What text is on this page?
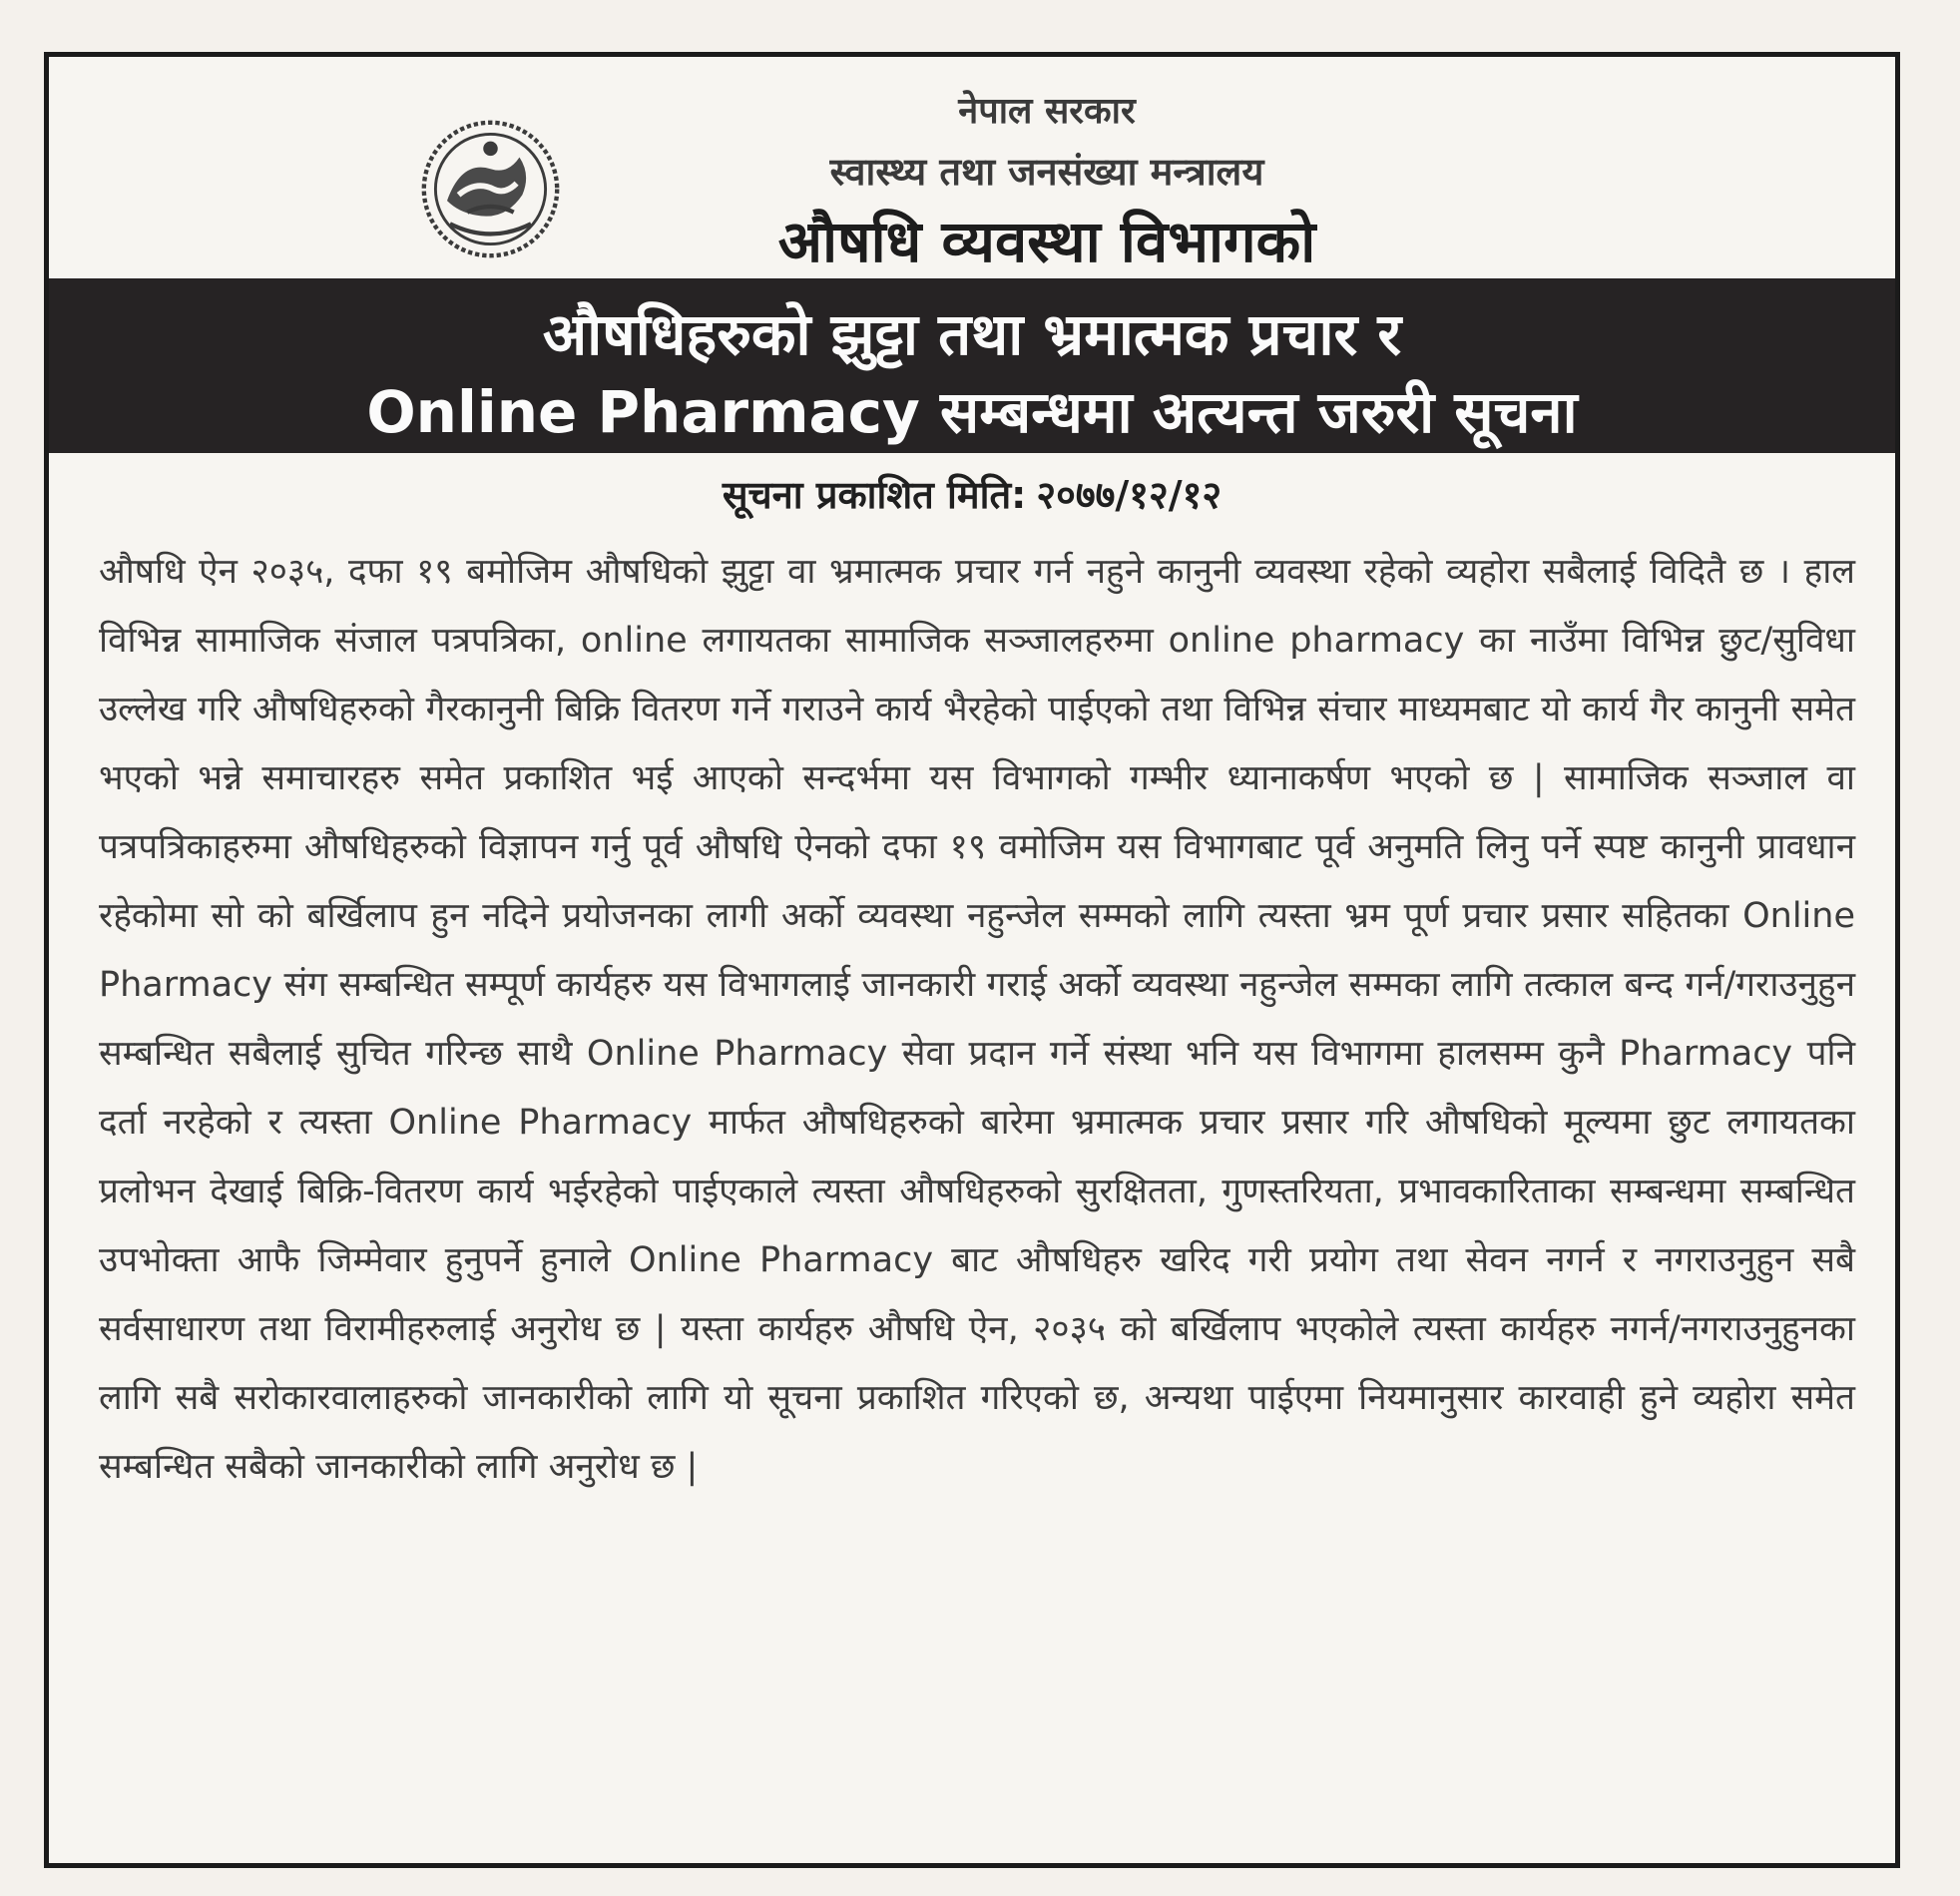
नेपाल सरकार
स्वास्थ्य तथा जनसंख्या मन्त्रालय
औषधि व्यवस्था विभागको
औषधिहरुको झुट्टा तथा भ्रमात्मक प्रचार र
Online Pharmacy सम्बन्धमा अत्यन्त जरुरी सूचना
सूचना प्रकाशित मिति: २०७७/१२/१२

औषधि ऐन २०३५, दफा १९ बमोजिम औषधिको झुट्टा वा भ्रमात्मक प्रचार गर्न नहुने कानुनी व्यवस्था रहेको व्यहोरा सबैलाई विदितै छ । हाल विभिन्न सामाजिक संजाल पत्रपत्रिका, online लगायतका सामाजिक सञ्जालहरुमा online pharmacy का नाउँमा विभिन्न छुट/सुविधा उल्लेख गरि औषधिहरुको गैरकानुनी बिक्रि वितरण गर्ने गराउने कार्य भैरहेको पाईएको तथा विभिन्न संचार माध्यमबाट यो कार्य गैर कानुनी समेत भएको भन्ने समाचारहरु समेत प्रकाशित भई आएको सन्दर्भमा यस विभागको गम्भीर ध्यानाकर्षण भएको छ | सामाजिक सञ्जाल वा पत्रपत्रिकाहरुमा औषधिहरुको विज्ञापन गर्नु पूर्व औषधि ऐनको दफा १९ वमोजिम यस विभागबाट पूर्व अनुमति लिनु पर्ने स्पष्ट कानुनी प्रावधान रहेकोमा सो को बर्खिलाप हुन नदिने प्रयोजनका लागी अर्को व्यवस्था नहुन्जेल सम्मको लागि त्यस्ता भ्रम पूर्ण प्रचार प्रसार सहितका Online Pharmacy संग सम्बन्धित सम्पूर्ण कार्यहरु यस विभागलाई जानकारी गराई अर्को व्यवस्था नहुन्जेल सम्मका लागि तत्काल बन्द गर्न/गराउनुहुन सम्बन्धित सबैलाई सुचित गरिन्छ साथै Online Pharmacy सेवा प्रदान गर्ने संस्था भनि यस विभागमा हालसम्म कुनै Pharmacy पनि दर्ता नरहेको र त्यस्ता Online Pharmacy मार्फत औषधिहरुको बारेमा भ्रमात्मक प्रचार प्रसार गरि औषधिको मूल्यमा छुट लगायतका प्रलोभन देखाई बिक्रि-वितरण कार्य भईरहेको पाईएकाले त्यस्ता औषधिहरुको सुरक्षितता, गुणस्तरियता, प्रभावकारिताका सम्बन्धमा सम्बन्धित उपभोक्ता आफै जिम्मेवार हुनुपर्ने हुनाले Online Pharmacy बाट औषधिहरु खरिद गरी प्रयोग तथा सेवन नगर्न र नगराउनुहुन सबै सर्वसाधारण तथा विरामीहरुलाई अनुरोध छ | यस्ता कार्यहरु औषधि ऐन, २०३५ को बर्खिलाप भएकोले त्यस्ता कार्यहरु नगर्न/नगराउनुहुनका लागि सबै सरोकारवालाहरुको जानकारीको लागि यो सूचना प्रकाशित गरिएको छ, अन्यथा पाईएमा नियमानुसार कारवाही हुने व्यहोरा समेत सम्बन्धित सबैको जानकारीको लागि अनुरोध छ |
